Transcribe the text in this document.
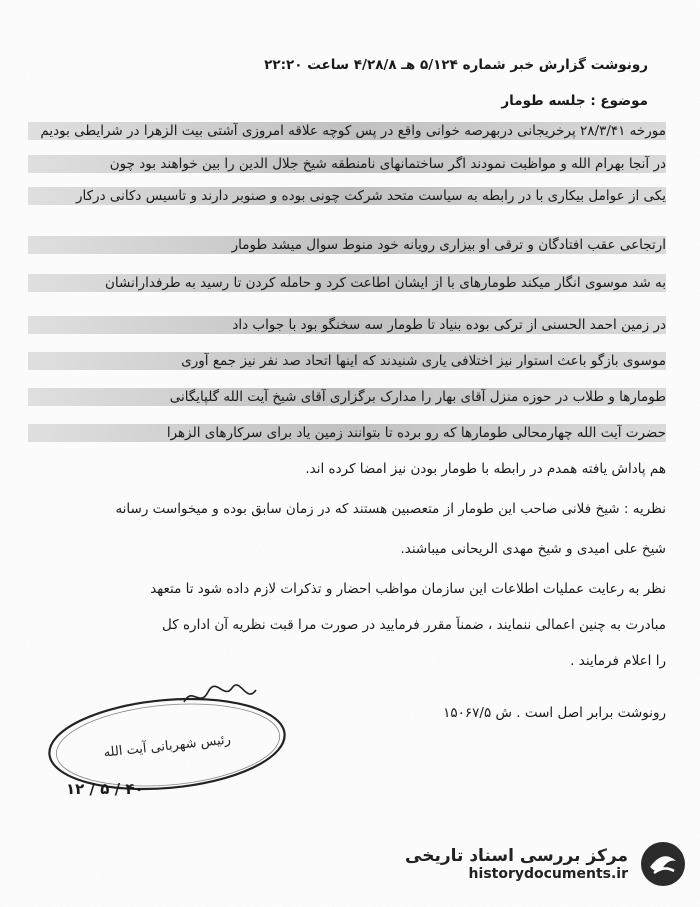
رونوشت گزارش خبر شماره ۵/۱۲۴ هـ ۴/۲۸/۸ ساعت ۲۲:۲۰
موضوع : جلسه طومار
مورخه ۲۸/۳/۴۱ پرخریجانی دربهرصه خوانی واقع در پس کوچه علاقه امروزی آشتی بیت الزهرا در شرایطی بودیم
در آنجا بهرام الله و مواظبت نمودند اگر ساختمانهای نامنطقه شیخ جلال الدین را بین خواهند بود چون
یکی از عوامل بیکاری با در رابطه به سیاست متحد شرکت چونی بوده و صنوبر دارند و تاسیس دکانی درکار
ارتجاعی عقب افتادگان و ترقی او بیزاری رویانه خود منوط سوال میشد طومار
به شد موسوی انگار میکند طومارهای با از ایشان اطاعت کرد و حامله کردن تا رسید به طرفدارانشان
در زمین احمد الحسنی از ترکی بوده بنیاد تا طومار سه سخنگو بود با جواب داد
موسوی بازگو باعث استوار نیز اختلافی یاری شنیدند که اینها اتحاد صد نفر نیز جمع آوری
طومارها و طلاب در حوزه منزل آقای بهار را مدارک برگزاری آقای شیخ آیت الله گلپایگانی
حضرت آیت الله چهارمحالی طومارها که رو برده تا بتوانند زمین یاد برای سرکارهای الزهرا
هم پاداش یافته همدم در رابطه با طومار بودن نیز امضا کرده اند.
نظریه : شیخ فلانی صاحب این طومار از متعصبین هستند که در زمان سابق بوده و میخواست رسانه
شیخ علی امیدی و شیخ مهدی الریحانی میباشند.
نظر به رعایت عملیات اطلاعات این سازمان مواظب احضار و تذکرات لازم داده شود تا متعهد
مبادرت به چنین اعمالی ننمایند ، ضمناً مقرر فرمایید در صورت مرا قبت نظریه آن اداره کل
را اعلام فرمایند .
رونوشت برابر اصل است . ش ۱۵۰۶۷/۵
رئیس شهربانی آیت الله
۴۰ / ۵ / ۱۲
مرکز بررسی اسناد تاریخی
historydocuments.ir
